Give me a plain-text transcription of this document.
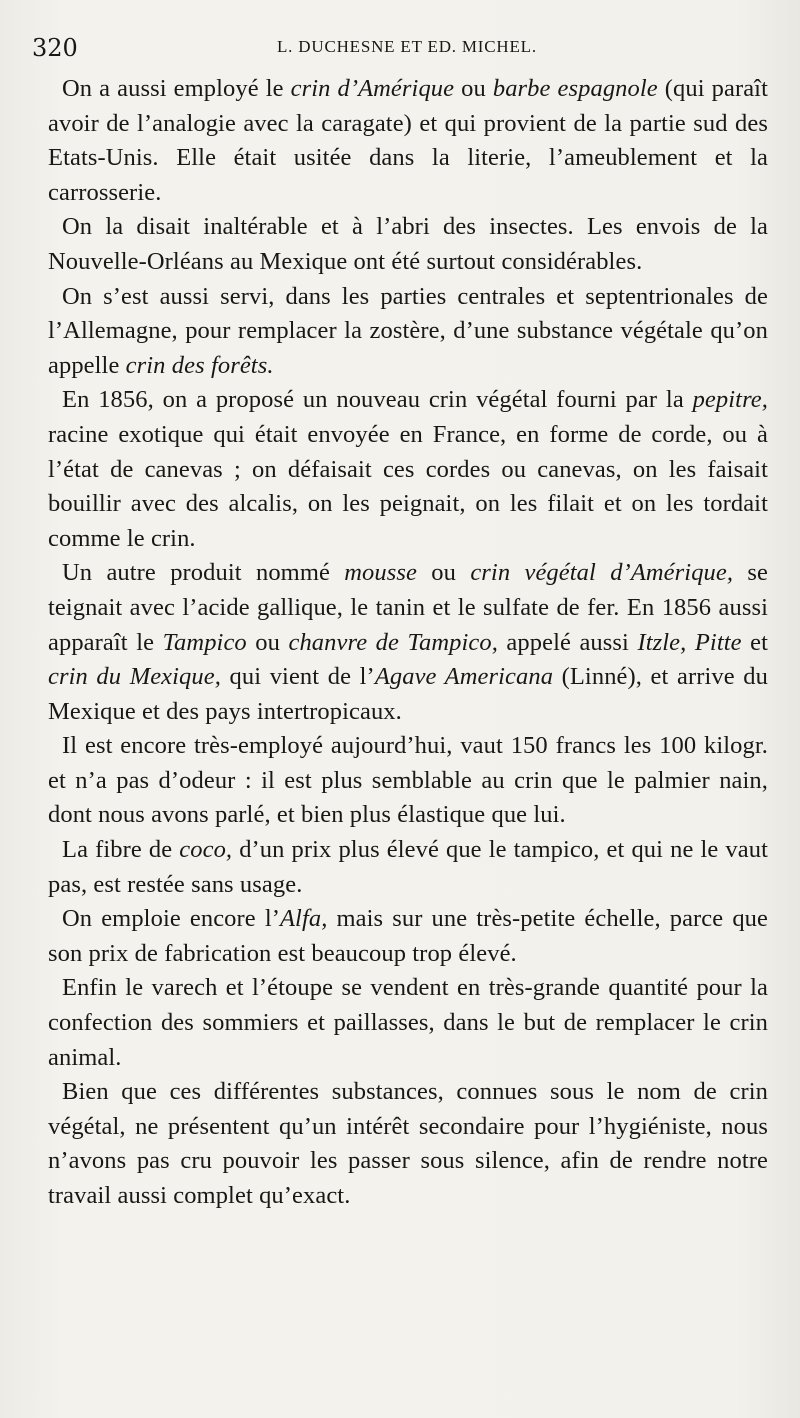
320	L. DUCHESNE ET ED. MICHEL.

On a aussi employé le crin d’Amérique ou barbe espagnole (qui paraît avoir de l’analogie avec la caragate) et qui provient de la partie sud des Etats-Unis. Elle était usitée dans la literie, l’ameublement et la carrosserie.

On la disait inaltérable et à l’abri des insectes. Les envois de la Nouvelle-Orléans au Mexique ont été surtout considérables.

On s’est aussi servi, dans les parties centrales et septentrionales de l’Allemagne, pour remplacer la zostère, d’une substance végétale qu’on appelle crin des forêts.

En 1856, on a proposé un nouveau crin végétal fourni par la pepitre, racine exotique qui était envoyée en France, en forme de corde, ou à l’état de canevas ; on défaisait ces cordes ou canevas, on les faisait bouillir avec des alcalis, on les peignait, on les filait et on les tordait comme le crin.

Un autre produit nommé mousse ou crin végétal d’Amérique, se teignait avec l’acide gallique, le tanin et le sulfate de fer. En 1856 aussi apparaît le Tampico ou chanvre de Tampico, appelé aussi Itzle, Pitte et crin du Mexique, qui vient de l’Agave Americana (Linné), et arrive du Mexique et des pays intertropicaux.

Il est encore très-employé aujourd’hui, vaut 150 francs les 100 kilogr. et n’a pas d’odeur : il est plus semblable au crin que le palmier nain, dont nous avons parlé, et bien plus élastique que lui.

La fibre de coco, d’un prix plus élevé que le tampico, et qui ne le vaut pas, est restée sans usage.

On emploie encore l’Alfa, mais sur une très-petite échelle, parce que son prix de fabrication est beaucoup trop élevé.

Enfin le varech et l’étoupe se vendent en très-grande quantité pour la confection des sommiers et paillasses, dans le but de remplacer le crin animal.

Bien que ces différentes substances, connues sous le nom de crin végétal, ne présentent qu’un intérêt secondaire pour l’hygiéniste, nous n’avons pas cru pouvoir les passer sous silence, afin de rendre notre travail aussi complet qu’exact.
